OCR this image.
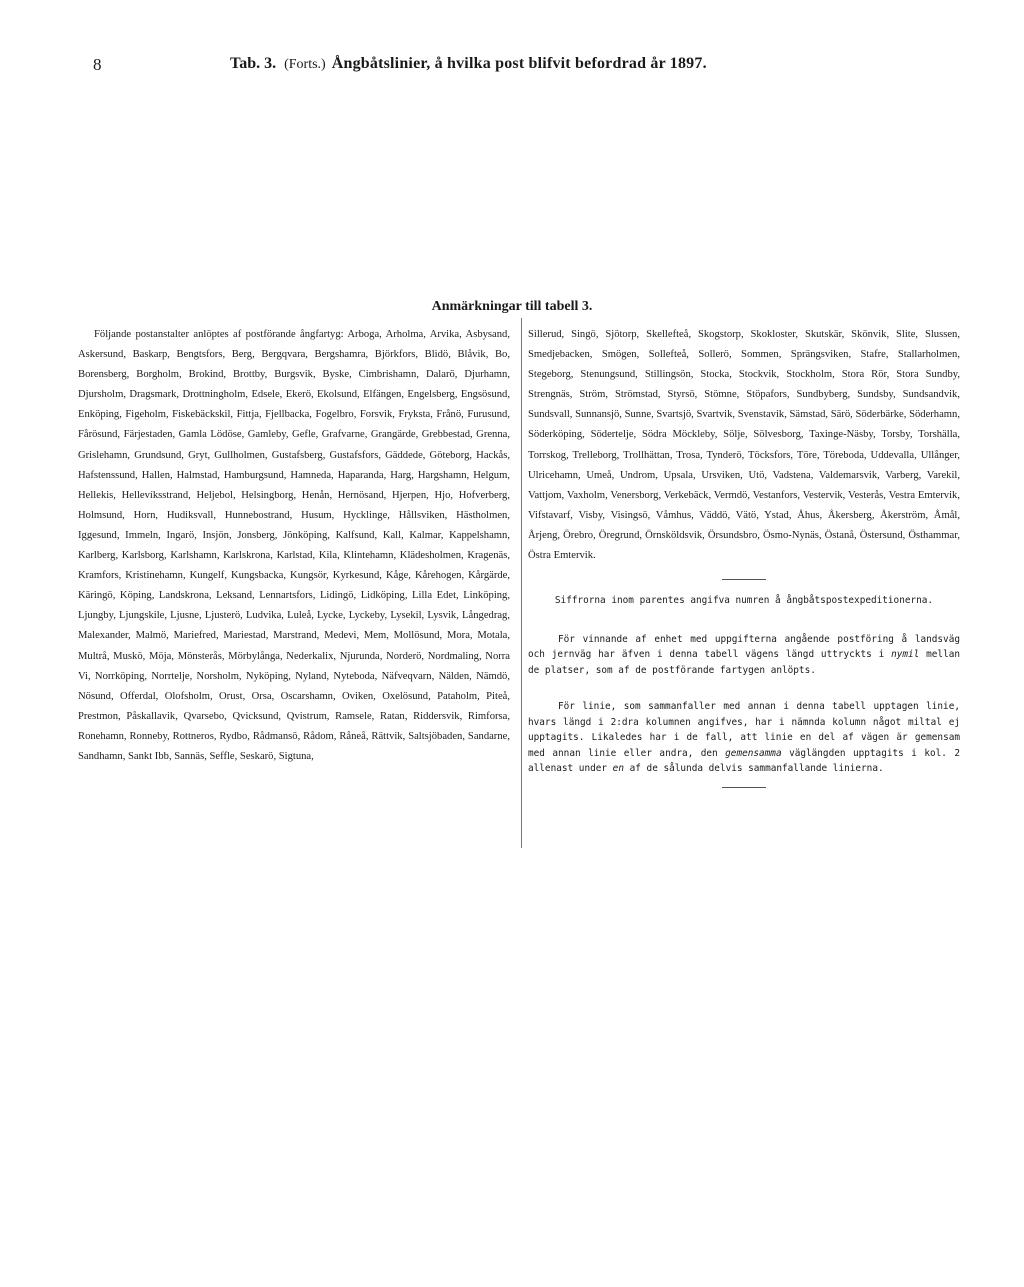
8	Tab. 3. (Forts.) Ångbåtslinier, å hvilka post blifvit befordrad år 1897.
Anmärkningar till tabell 3.

Följande postanstalter anlöptes af postförande ångfartyg: Arboga, Arholma, Arvika, Asbysand, Askersund, Baskarp, Bengtsfors, Berg, Bergqvara, Bergshamra, Björkfors, Blidö, Blåvik, Bo, Borensberg, Borgholm, Brokind, Brottby, Burgsvik, Byske, Cimbrishamn, Dalarö, Djurhamn, Djursholm, Dragsmark, Drottningholm, Edsele, Ekerö, Ekolsund, Elfängen, Engelsberg, Engsösund, Enköping, Figeholm, Fiskebäckskil, Fittja, Fjellbacka, Fogelbro, Forsvik, Fryksta, Frånö, Furusund, Fårösund, Färjestaden, Gamla Lödöse, Gamleby, Gefle, Grafvarne, Grangärde, Grebbestad, Grenna, Grislehamn, Grundsund, Gryt, Gullholmen, Gustafsberg, Gustafsfors, Gäddede, Göteborg, Hackås, Hafstenssund, Hallen, Halmstad, Hamburgsund, Hamneda, Haparanda, Harg, Hargshamn, Helgum, Hellekis, Hellevíksstrand, Heljebol, Helsingborg, Henån, Hernösand, Hjerpen, Hjo, Hofverberg, Holmsund, Horn, Hudiksvall, Hunnebostrand, Husum, Hycklinge, Hållsviken, Hästholmen, Iggesund, Immeln, Ingarö, Insjön, Jonsberg, Jönköping, Kalfsund, Kall, Kalmar, Kappelshamn, Karlberg, Karlsborg, Karlshamn, Karlskrona, Karlstad, Kila, Klintehamn, Klädesholmen, Kragenäs, Kramfors, Kristinehamn, Kungelf, Kungsbacka, Kungsör, Kyrkesund, Kåge, Kårehogen, Kårgärde, Käringö, Köping, Landskrona, Leksand, Lennartsfors, Lidingö, Lidköping, Lilla Edet, Linköping, Ljungby, Ljungskile, Ljusne, Ljusterö, Ludvika, Luleå, Lycke, Lyckeby, Lysekil, Lysvik, Långedrag, Malexander, Malmö, Mariefred, Mariestad, Marstrand, Medevi, Mem, Mollösund, Mora, Motala, Multrå, Muskö, Möja, Mönsterås, Mörbylånga, Nederkalix, Njurunda, Norderö, Nordmaling, Norra Vi, Norrköping, Norrtelje, Norsholm, Nyköping, Nyland, Nyteboda, Näfveqvarn, Nälden, Nämdö, Nösund, Offerdal, Olofsholm, Orust, Orsa, Oscarshamn, Oviken, Oxelösund, Pataholm, Piteå, Prestmon, Påskallavik, Qvarsebo, Qvicksund, Qvistrum, Ramsele, Ratan, Riddersvik, Rimforsa, Ronehamn, Ronneby, Rottneros, Rydbo, Rådmansö, Rådom, Råneå, Rättvik, Saltsjöbaden, Sandarne, Sandhamn, Sankt Ibb, Sannäs, Seffle, Seskarö, Sigtuna,

Sillerud, Singö, Sjötorp, Skellefteå, Skogstorp, Skokloster, Skutskär, Skönvik, Slite, Slussen, Smedjebacken, Smögen, Sollefteå, Sollerö, Sommen, Sprängsviken, Stafre, Stallarholmen, Stegeborg, Stenungsund, Stillingsön, Stocka, Stockvik, Stockholm, Stora Rör, Stora Sundby, Strengnäs, Ström, Strömstad, Styrsö, Stömne, Stöpafors, Sundbyberg, Sundsby, Sundsandvik, Sundsvall, Sunnansjö, Sunne, Svartsjö, Svartvik, Svenstavik, Sämstad, Särö, Söderbärke, Söderhamn, Söderköping, Södertelje, Södra Möckleby, Sölje, Sölvesborg, Taxinge-Näsby, Torsby, Torshälla, Torrskog, Trelleborg, Trollhättan, Trosa, Tynderö, Töcksfors, Töre, Töreboda, Uddevalla, Ullånger, Ulricehamn, Umeå, Undrom, Upsala, Ursviken, Utö, Vadstena, Valdemarsvik, Varberg, Varekil, Vattjom, Vaxholm, Venersborg, Verkebäck, Vermdö, Vestanfors, Vestervik, Vesterås, Vestra Emtervik, Vifstavarf, Visby, Visingsö, Våmhus, Väddö, Vätö, Ystad, Åhus, Åkersberg, Åkerström, Åmål, Årjeng, Örebro, Öregrund, Örnsköldsvik, Örsundsbro, Ösmo-Nynäs, Östanå, Östersund, Östhammar, Östra Emtervik.

Siffrorna inom parentes angifva numren å ångbåtspostexpeditionerna.

För vinnande af enhet med uppgifterna angående postföring å landsväg och jernväg har äfven i denna tabell vägens längd uttryckts i nymil mellan de platser, som af de postförande fartygen anlöpts.

För linie, som sammanfaller med annan i denna tabell upptagen linie, hvars längd i 2:dra kolumnen angifves, har i nämnda kolumn något miltal ej upptagits. Likaledes har i de fall, att linie en del af vägen är gemensam med annan linie eller andra, den gemensamma väglängden upptagits i kol. 2 allenast under en af de sålunda delvis sammanfallande linierna.
